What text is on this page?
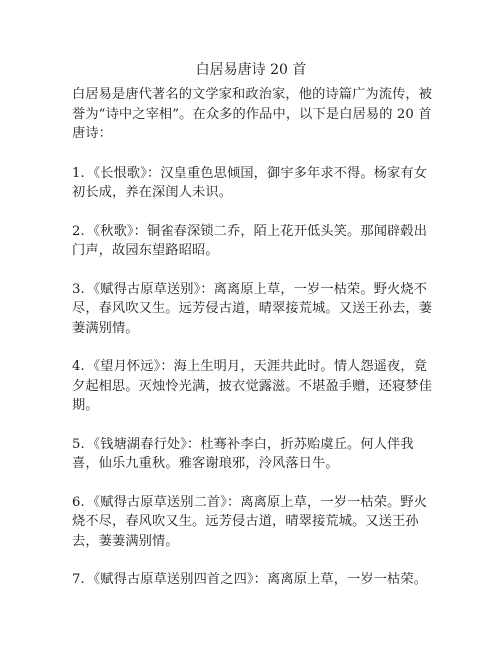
白居易唐诗 20 首

白居易是唐代著名的文学家和政治家，他的诗篇广为流传，被誉为“诗中之宰相”。在众多的作品中，以下是白居易的 20 首唐诗：

1. 《长恨歌》：汉皇重色思倾国，御宇多年求不得。杨家有女初长成，养在深闺人未识。

2. 《秋歌》：铜雀春深锁二乔，陌上花开低头笑。那闻辟毂出门声，故园东望路昭昭。

3. 《赋得古原草送别》：离离原上草，一岁一枯荣。野火烧不尽，春风吹又生。远芳侵古道，晴翠接荒城。又送王孙去，萋萋满别情。

4. 《望月怀远》：海上生明月，天涯共此时。情人怨遥夜，竟夕起相思。灭烛怜光满，披衣觉露滋。不堪盈手赠，还寝梦佳期。

5. 《钱塘湖春行处》：杜骞补李白，折苏贻虞丘。何人伴我喜，仙乐九重秋。雅客谢琅邪，泠风落日牛。

6. 《赋得古原草送别二首》：离离原上草，一岁一枯荣。野火烧不尽，春风吹又生。远芳侵古道，晴翠接荒城。又送王孙去，萋萋满别情。

7. 《赋得古原草送别四首之四》：离离原上草，一岁一枯荣。
